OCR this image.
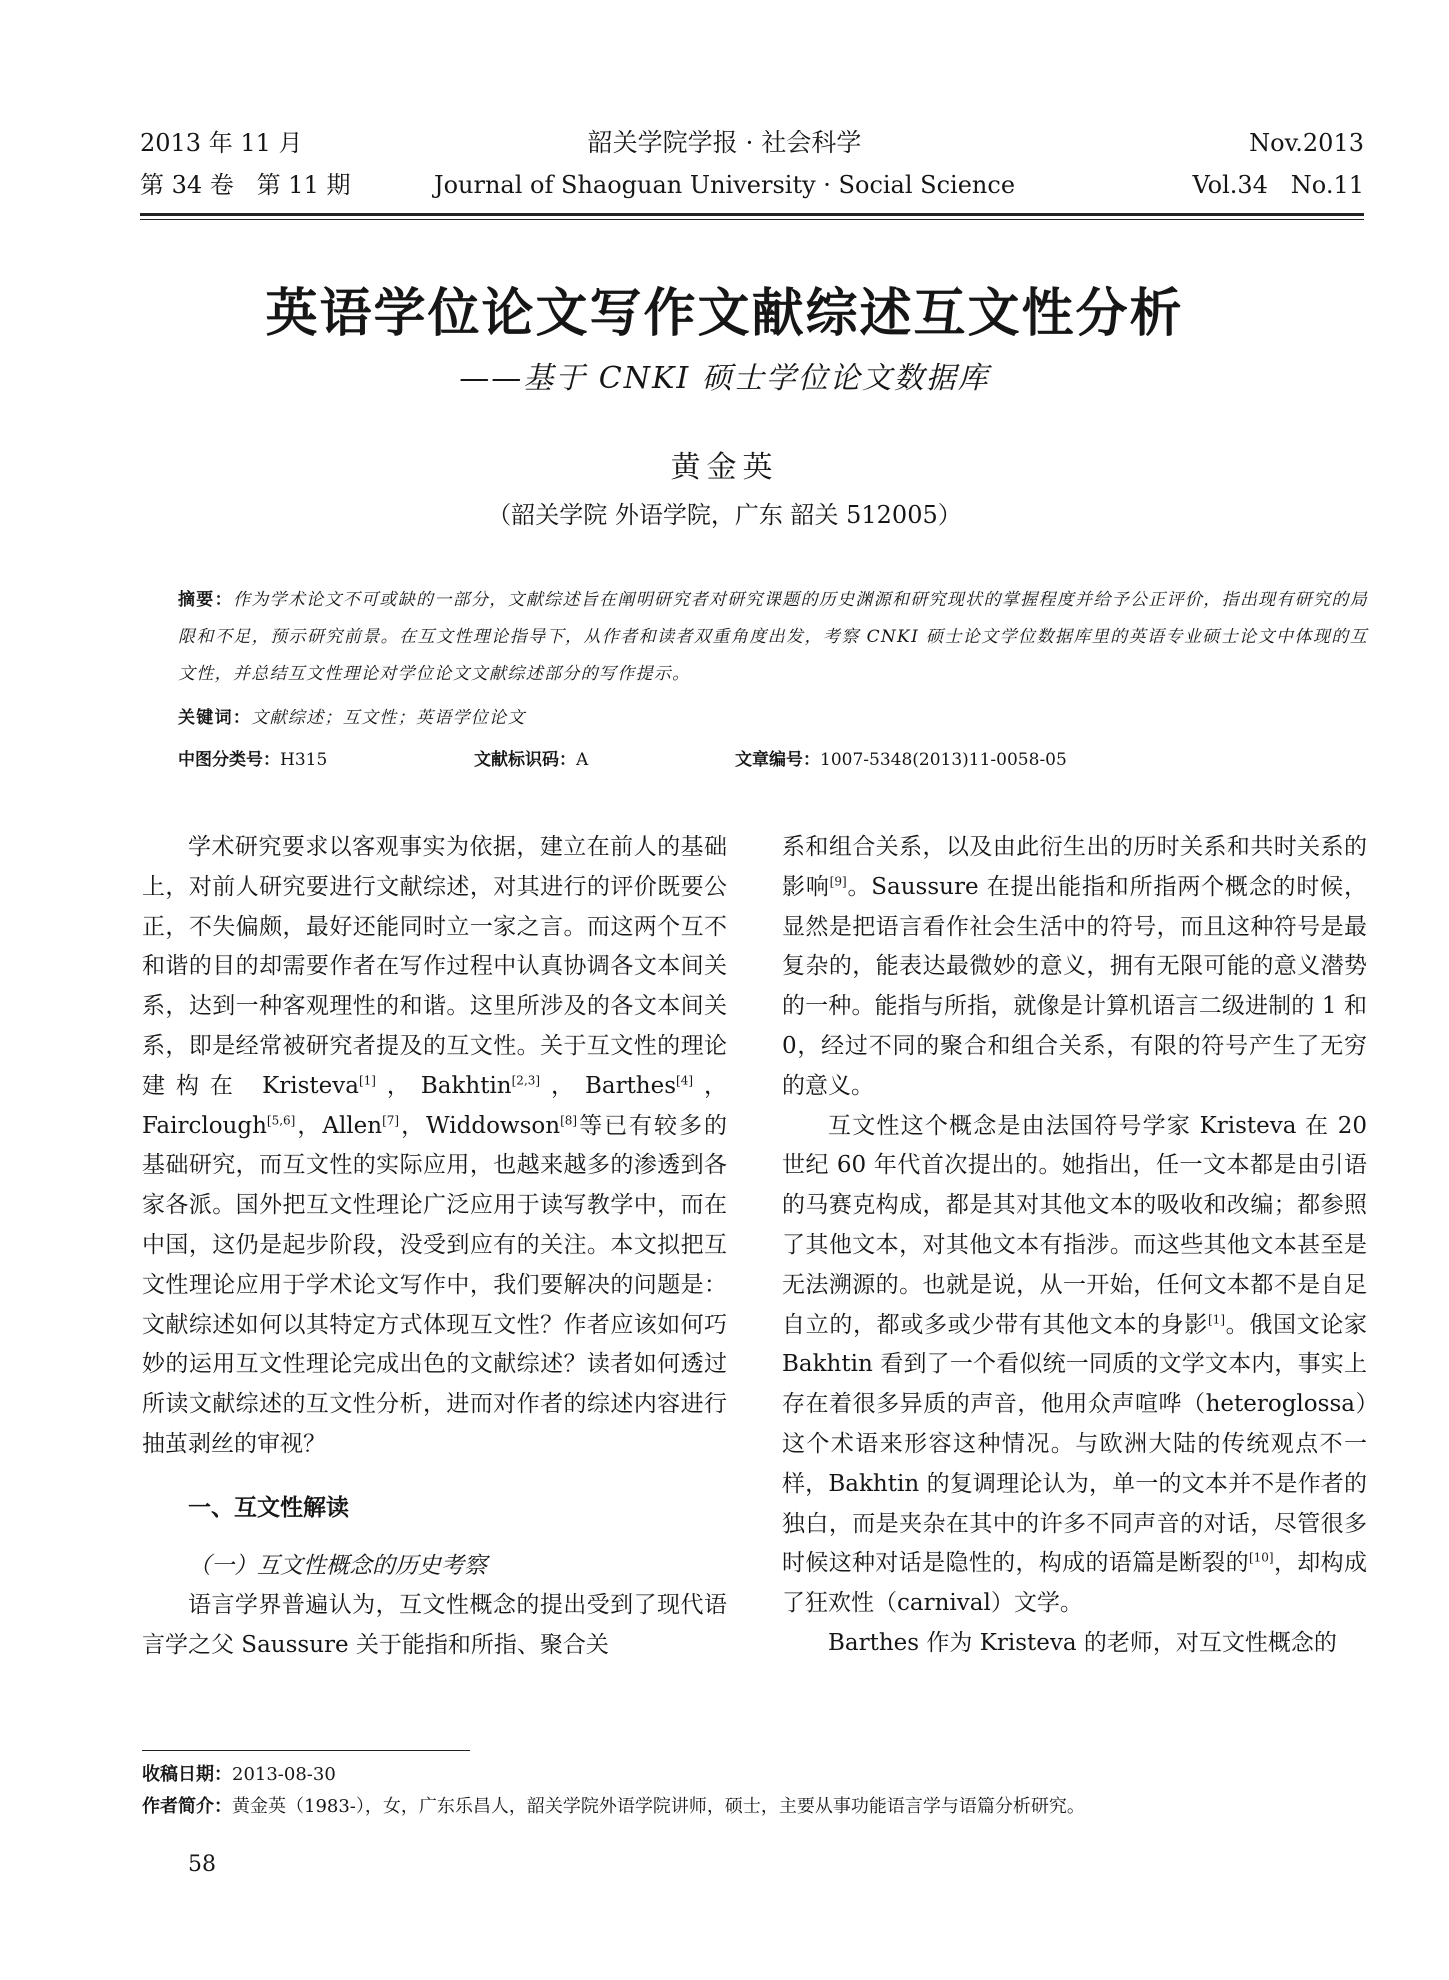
2013 年 11 月
第 34 卷   第 11 期
韶关学院学报 · 社会科学
Journal of Shaoguan University · Social Science
Nov.2013
Vol.34   No.11
英语学位论文写作文献综述互文性分析
——基于 CNKI 硕士学位论文数据库
黄金英
（韶关学院 外语学院，广东 韶关 512005）
摘要：作为学术论文不可或缺的一部分，文献综述旨在阐明研究者对研究课题的历史渊源和研究现状的掌握程度并给予公正评价，指出现有研究的局限和不足，预示研究前景。在互文性理论指导下，从作者和读者双重角度出发，考察 CNKI 硕士论文学位数据库里的英语专业硕士论文中体现的互文性，并总结互文性理论对学位论文文献综述部分的写作提示。
关键词：文献综述；互文性；英语学位论文
中图分类号：H315	文献标识码：A	文章编号：1007-5348(2013)11-0058-05

学术研究要求以客观事实为依据，建立在前人的基础上，对前人研究要进行文献综述，对其进行的评价既要公正，不失偏颇，最好还能同时立一家之言。而这两个互不和谐的目的却需要作者在写作过程中认真协调各文本间关系，达到一种客观理性的和谐。这里所涉及的各文本间关系，即是经常被研究者提及的互文性。关于互文性的理论建构在 Kristeva[1]，Bakhtin[2,3]，Barthes[4]，Fairclough[5,6]，Allen[7]，Widdowson[8]等已有较多的基础研究，而互文性的实际应用，也越来越多的渗透到各家各派。国外把互文性理论广泛应用于读写教学中，而在中国，这仍是起步阶段，没受到应有的关注。本文拟把互文性理论应用于学术论文写作中，我们要解决的问题是：文献综述如何以其特定方式体现互文性？作者应该如何巧妙的运用互文性理论完成出色的文献综述？读者如何透过所读文献综述的互文性分析，进而对作者的综述内容进行抽茧剥丝的审视？

一、互文性解读

（一）互文性概念的历史考察

语言学界普遍认为，互文性概念的提出受到了现代语言学之父 Saussure 关于能指和所指、聚合关

系和组合关系，以及由此衍生出的历时关系和共时关系的影响[9]。Saussure 在提出能指和所指两个概念的时候，显然是把语言看作社会生活中的符号，而且这种符号是最复杂的，能表达最微妙的意义，拥有无限可能的意义潜势的一种。能指与所指，就像是计算机语言二级进制的 1 和 0，经过不同的聚合和组合关系，有限的符号产生了无穷的意义。

互文性这个概念是由法国符号学家 Kristeva 在 20 世纪 60 年代首次提出的。她指出，任一文本都是由引语的马赛克构成，都是其对其他文本的吸收和改编；都参照了其他文本，对其他文本有指涉。而这些其他文本甚至是无法溯源的。也就是说，从一开始，任何文本都不是自足自立的，都或多或少带有其他文本的身影[1]。俄国文论家 Bakhtin 看到了一个看似统一同质的文学文本内，事实上存在着很多异质的声音，他用众声喧哗（heteroglossa）这个术语来形容这种情况。与欧洲大陆的传统观点不一样，Bakhtin 的复调理论认为，单一的文本并不是作者的独白，而是夹杂在其中的许多不同声音的对话，尽管很多时候这种对话是隐性的，构成的语篇是断裂的[10]，却构成了狂欢性（carnival）文学。

Barthes 作为 Kristeva 的老师，对互文性概念的

收稿日期：2013-08-30
作者简介：黄金英（1983-），女，广东乐昌人，韶关学院外语学院讲师，硕士，主要从事功能语言学与语篇分析研究。
58
